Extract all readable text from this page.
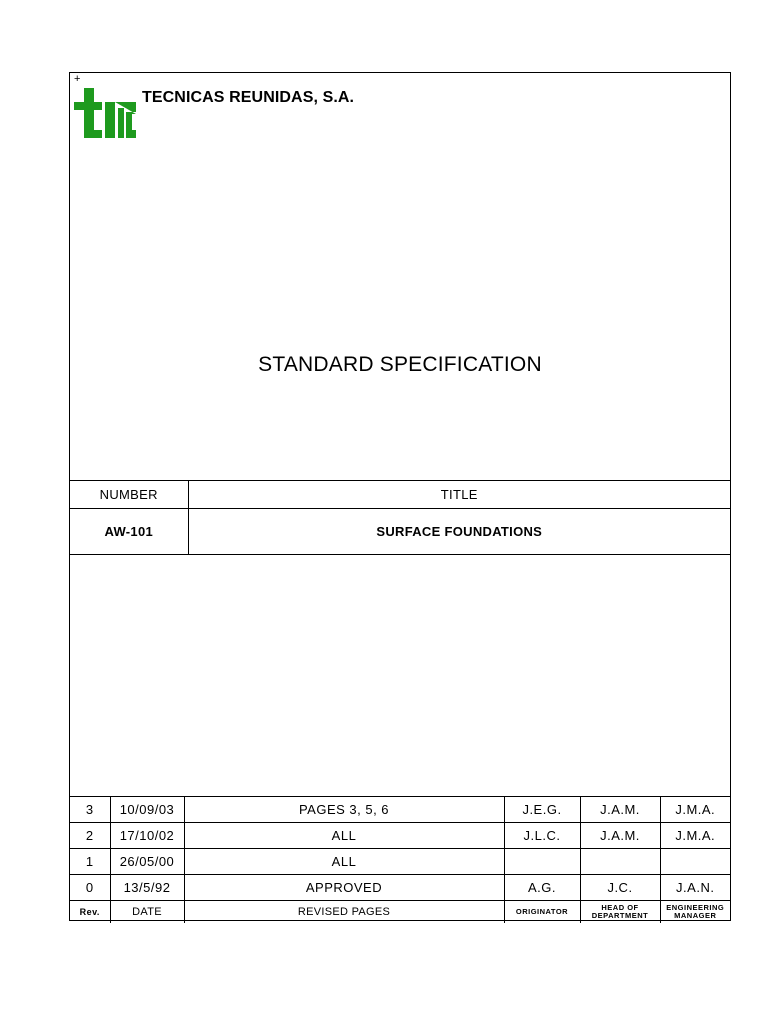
+
TECNICAS REUNIDAS, S.A.
STANDARD SPECIFICATION
NUMBER	TITLE
AW-101	SURFACE FOUNDATIONS
3	10/09/03	PAGES 3, 5, 6	J.E.G.	J.A.M.	J.M.A.
2	17/10/02	ALL	J.L.C.	J.A.M.	J.M.A.
1	26/05/00	ALL			
0	13/5/92	APPROVED	A.G.	J.C.	J.A.N.
Rev.	DATE	REVISED PAGES	ORIGINATOR	HEAD OF DEPARTMENT	ENGINEERING MANAGER
